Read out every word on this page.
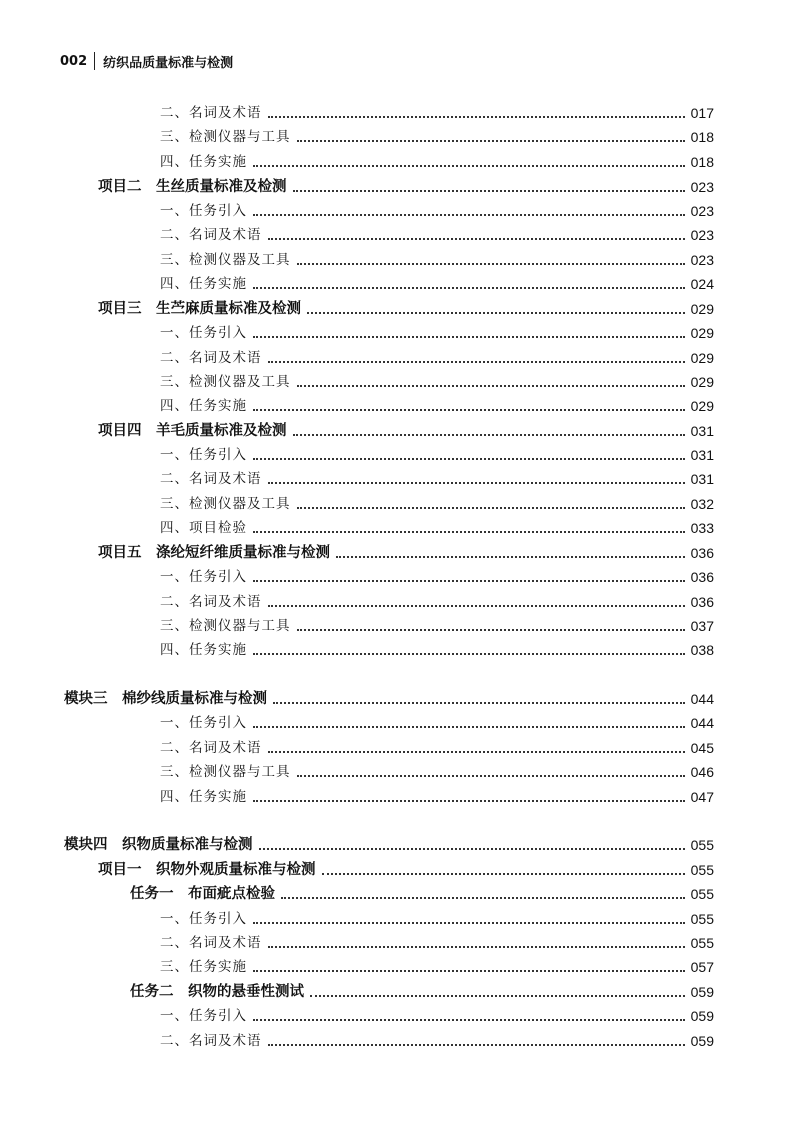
002 纺织品质量标准与检测
二、名词及术语	017
三、检测仪器与工具	018
四、任务实施	018
项目二　生丝质量标准及检测	023
一、任务引入	023
二、名词及术语	023
三、检测仪器及工具	023
四、任务实施	024
项目三　生苎麻质量标准及检测	029
一、任务引入	029
二、名词及术语	029
三、检测仪器及工具	029
四、任务实施	029
项目四　羊毛质量标准及检测	031
一、任务引入	031
二、名词及术语	031
三、检测仪器及工具	032
四、项目检验	033
项目五　涤纶短纤维质量标准与检测	036
一、任务引入	036
二、名词及术语	036
三、检测仪器与工具	037
四、任务实施	038
模块三　棉纱线质量标准与检测	044
一、任务引入	044
二、名词及术语	045
三、检测仪器与工具	046
四、任务实施	047
模块四　织物质量标准与检测	055
项目一　织物外观质量标准与检测	055
任务一　布面疵点检验	055
一、任务引入	055
二、名词及术语	055
三、任务实施	057
任务二　织物的悬垂性测试	059
一、任务引入	059
二、名词及术语	059
